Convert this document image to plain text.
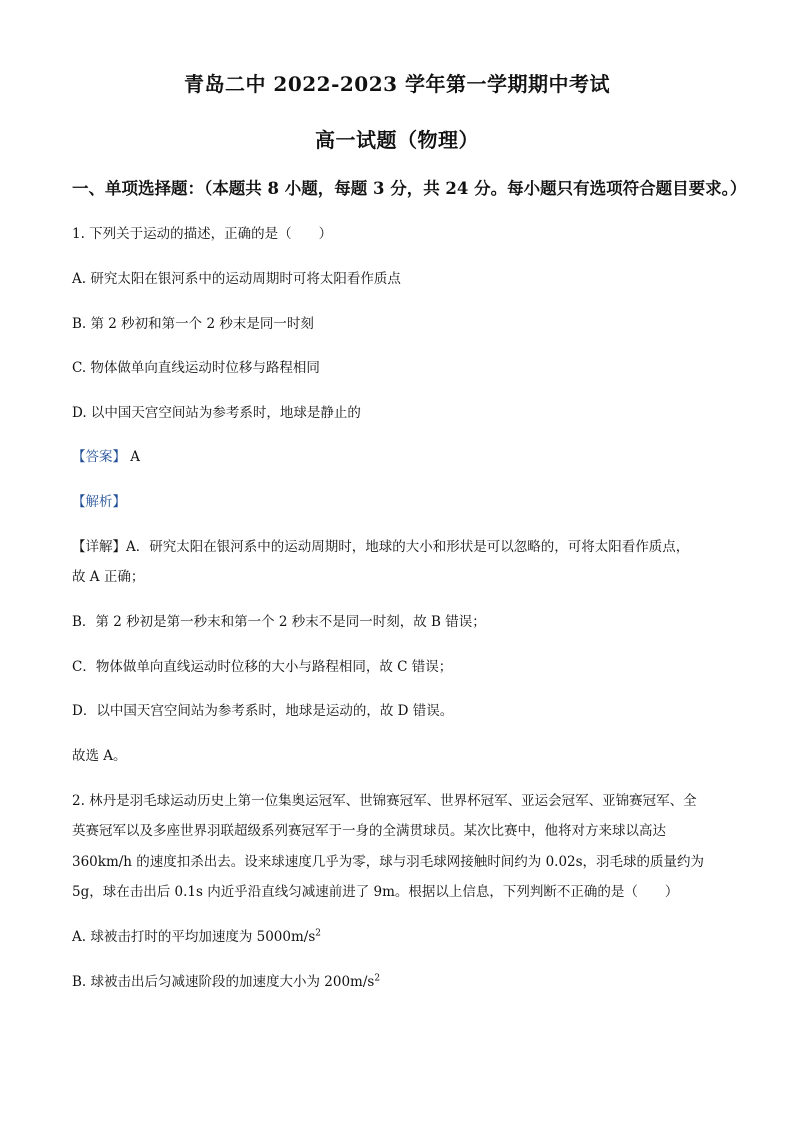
青岛二中 2022-2023 学年第一学期期中考试
高一试题（物理）
一、单项选择题：（本题共 8 小题，每题 3 分，共 24 分。每小题只有选项符合题目要求。）
1. 下列关于运动的描述，正确的是（　　）
A. 研究太阳在银河系中的运动周期时可将太阳看作质点
B. 第 2 秒初和第一个 2 秒末是同一时刻
C. 物体做单向直线运动时位移与路程相同
D. 以中国天宫空间站为参考系时，地球是静止的
【答案】 A
【解析】
【详解】A．研究太阳在银河系中的运动周期时，地球的大小和形状是可以忽略的，可将太阳看作质点，
故 A 正确；
B．第 2 秒初是第一秒末和第一个 2 秒末不是同一时刻，故 B 错误；
C．物体做单向直线运动时位移的大小与路程相同，故 C 错误；
D．以中国天宫空间站为参考系时，地球是运动的，故 D 错误。
故选 A。
2. 林丹是羽毛球运动历史上第一位集奥运冠军、世锦赛冠军、世界杯冠军、亚运会冠军、亚锦赛冠军、全
英赛冠军以及多座世界羽联超级系列赛冠军于一身的全满贯球员。某次比赛中，他将对方来球以高达
360km/h 的速度扣杀出去。设来球速度几乎为零，球与羽毛球网接触时间约为 0.02s，羽毛球的质量约为
5g，球在击出后 0.1s 内近乎沿直线匀减速前进了 9m。根据以上信息，下列判断不正确的是（　　）
A. 球被击打时的平均加速度为 $5000m/s^2$
B. 球被击出后匀减速阶段的加速度大小为 $200m/s^2$
